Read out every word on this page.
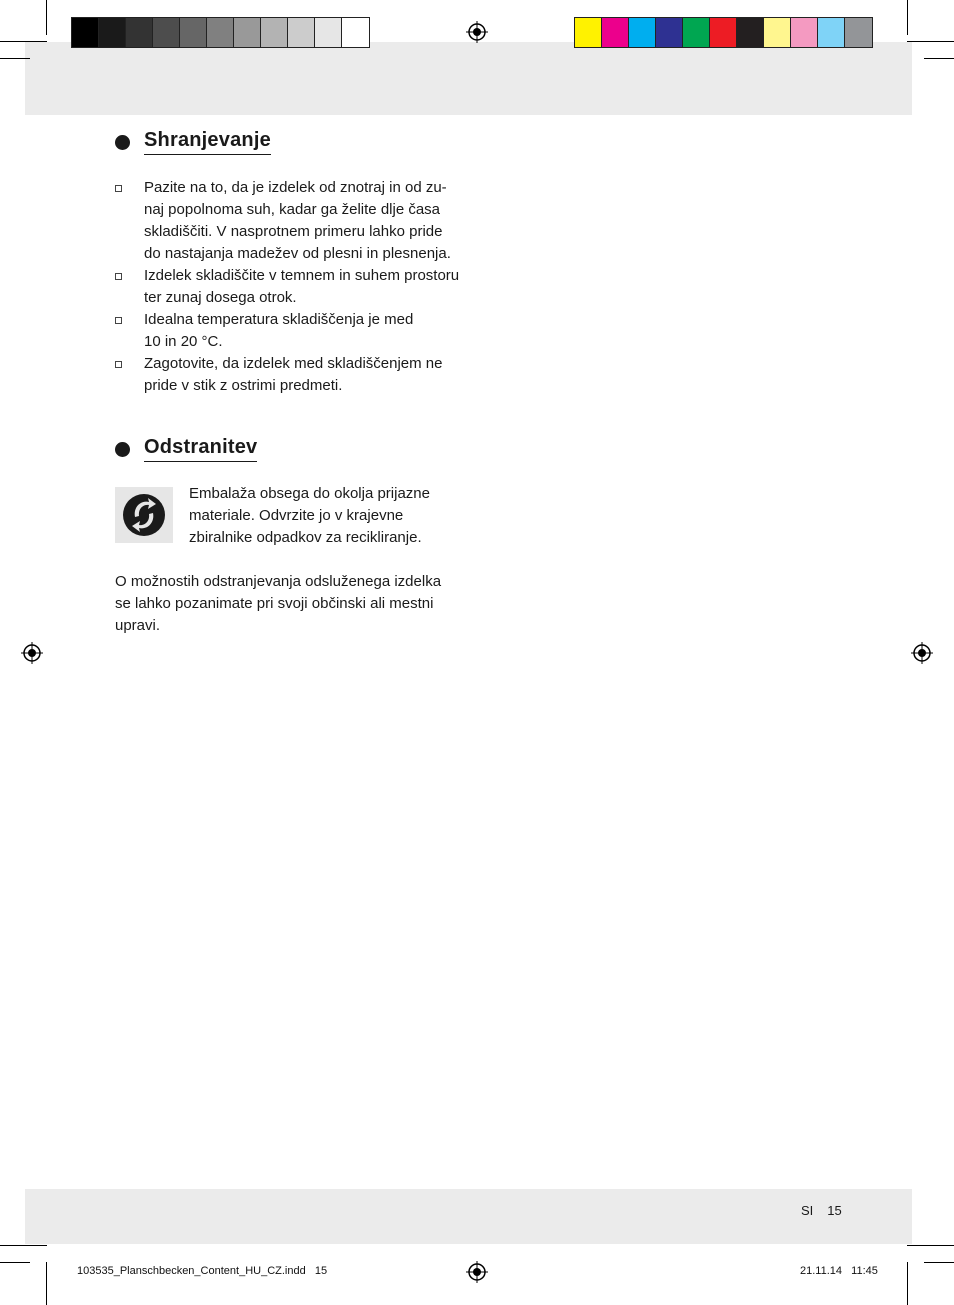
Shranjevanje
Pazite na to, da je izdelek od znotraj in od zu-
naj popolnoma suh, kadar ga želite dlje časa
skladiščiti. V nasprotnem primeru lahko pride
do nastajanja madežev od plesni in plesnenja.
Izdelek skladiščite v temnem in suhem prostoru
ter zunaj dosega otrok.
Idealna temperatura skladiščenja je med
10 in 20 °C.
Zagotovite, da izdelek med skladiščenjem ne
pride v stik z ostrimi predmeti.
Odstranitev
Embalaža obsega do okolja prijazne
materiale. Odvrzite jo v krajevne
zbiralnike odpadkov za recikliranje.
O možnostih odstranjevanja odsluženega izdelka
se lahko pozanimate pri svoji občinski ali mestni
upravi.
SI 15
103535_Planschbecken_Content_HU_CZ.indd   15	21.11.14   11:45
